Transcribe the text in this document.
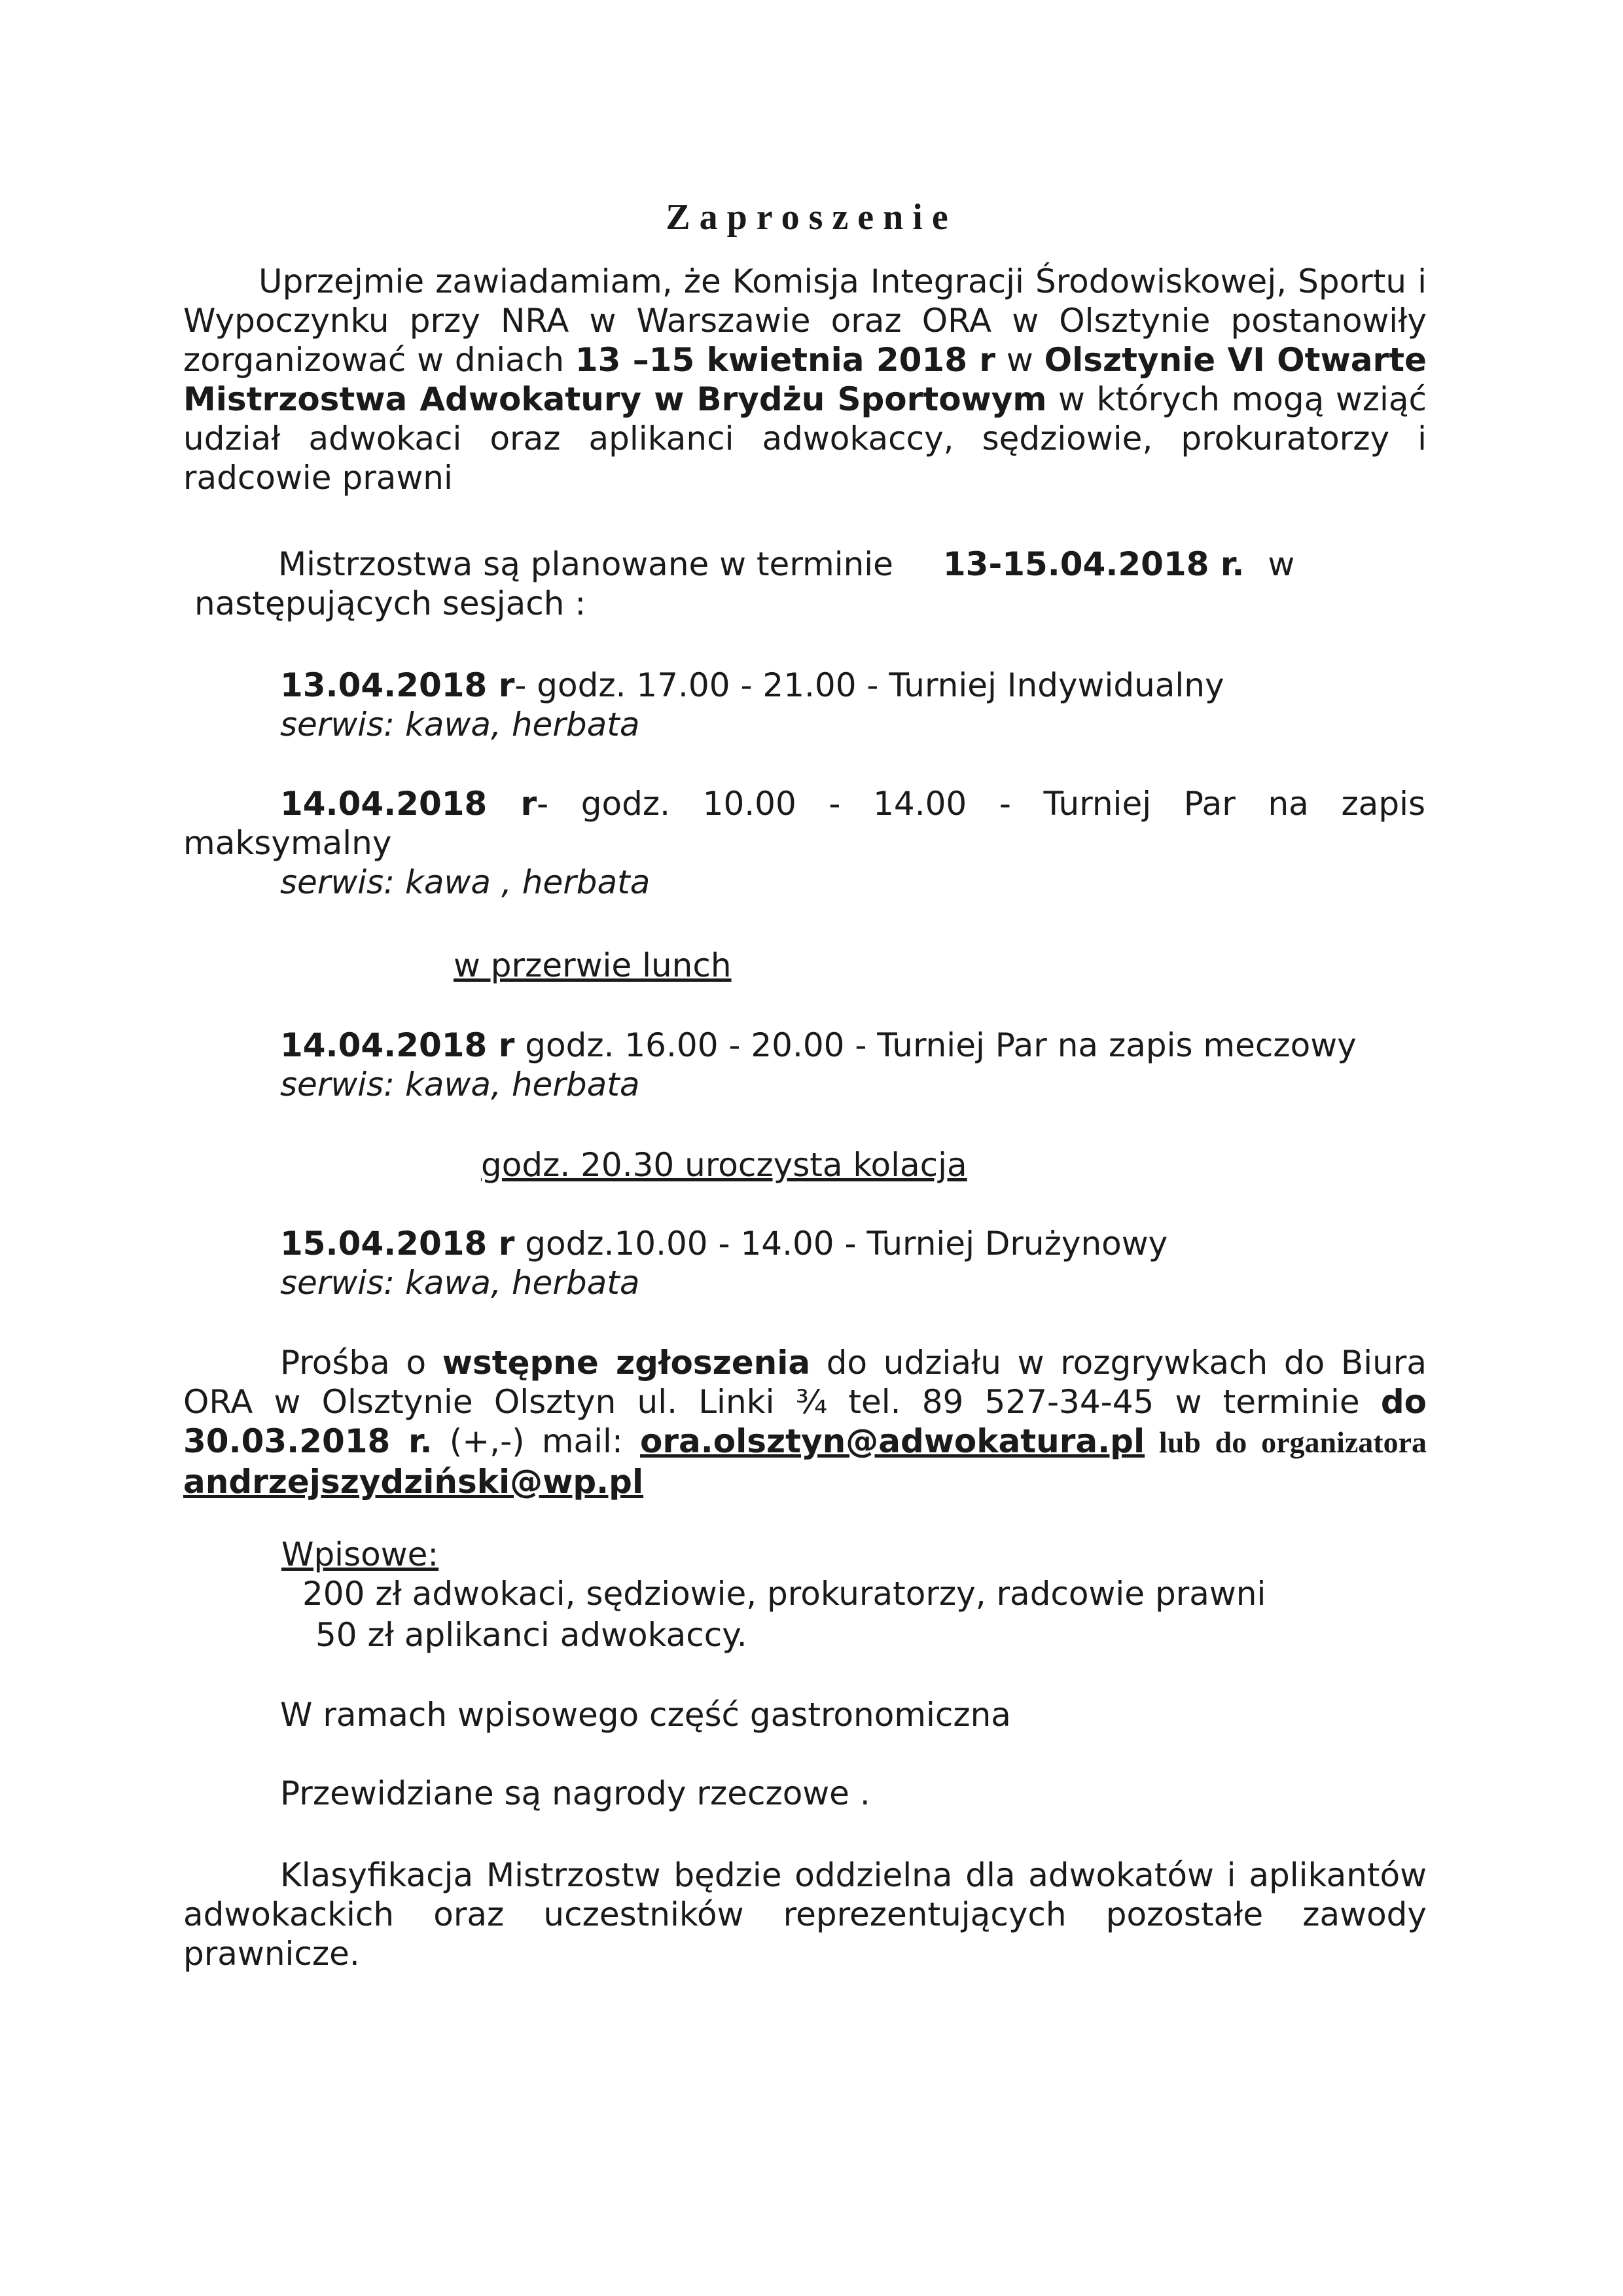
Zaproszenie

Uprzejmie zawiadamiam, że Komisja Integracji Środowiskowej, Sportu i Wypoczynku przy NRA w Warszawie oraz ORA w Olsztynie postanowiły zorganizować w dniach 13 –15 kwietnia 2018 r w Olsztynie VI Otwarte Mistrzostwa Adwokatury w Brydżu Sportowym w których mogą wziąć udział adwokaci oraz aplikanci adwokaccy, sędziowie, prokuratorzy i radcowie prawni

Mistrzostwa są planowane w terminie 13-15.04.2018 r. w
następujących sesjach :
13.04.2018 r- godz. 17.00 - 21.00 - Turniej Indywidualny
serwis: kawa, herbata
14.04.2018 r- godz. 10.00 - 14.00 - Turniej Par na zapis
maksymalny
serwis: kawa , herbata
w przerwie lunch
14.04.2018 r godz. 16.00 - 20.00 - Turniej Par na zapis meczowy
serwis: kawa, herbata
godz. 20.30 uroczysta kolacja
15.04.2018 r godz.10.00 - 14.00 - Turniej Drużynowy
serwis: kawa, herbata

Prośba o wstępne zgłoszenia do udziału w rozgrywkach do Biura ORA w Olsztynie Olsztyn ul. Linki ¾ tel. 89 527-34-45 w terminie do 30.03.2018 r. (+,-) mail: ora.olsztyn@adwokatura.pl lub do organizatora andrzejszydziński@wp.pl

Wpisowe:
200 zł adwokaci, sędziowie, prokuratorzy, radcowie prawni
50 zł aplikanci adwokaccy.
W ramach wpisowego część gastronomiczna
Przewidziane są nagrody rzeczowe .

Klasyfikacja Mistrzostw będzie oddzielna dla adwokatów i aplikantów adwokackich oraz uczestników reprezentujących pozostałe zawody prawnicze.
